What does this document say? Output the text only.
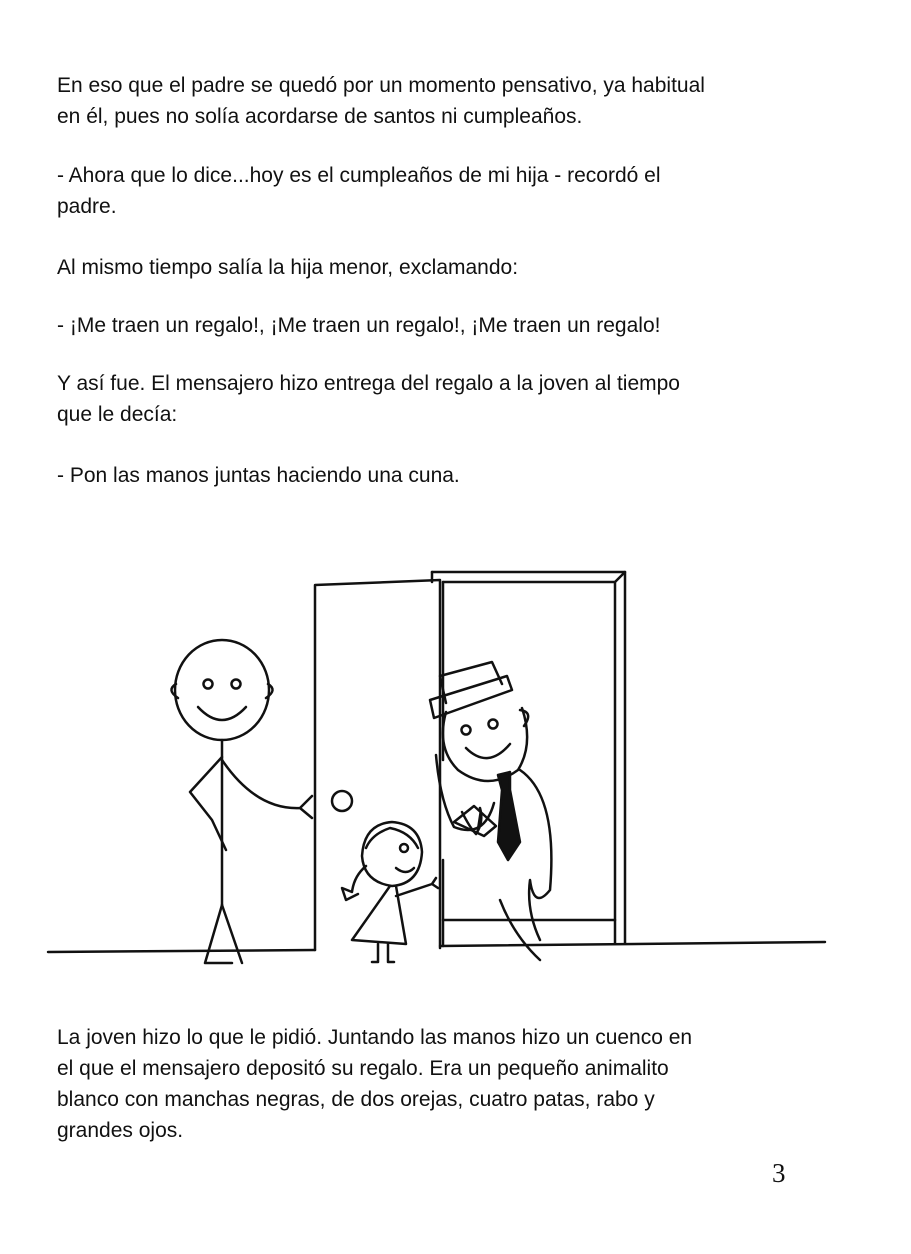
En eso que el padre se quedó por un momento pensativo, ya habitual
en él, pues no solía acordarse de santos ni cumpleaños.

- Ahora que lo dice...hoy es el cumpleaños de mi hija - recordó el
padre.

Al mismo tiempo salía la hija menor, exclamando:

- ¡Me traen un regalo!, ¡Me traen un regalo!, ¡Me traen un regalo!

Y así fue. El mensajero hizo entrega del regalo a la joven al tiempo
que le decía:

- Pon las manos juntas haciendo una cuna.

La joven hizo lo que le pidió. Juntando las manos hizo un cuenco en
el que el mensajero depositó su regalo. Era un pequeño animalito
blanco con manchas negras, de dos orejas, cuatro patas, rabo y
grandes ojos.

3
